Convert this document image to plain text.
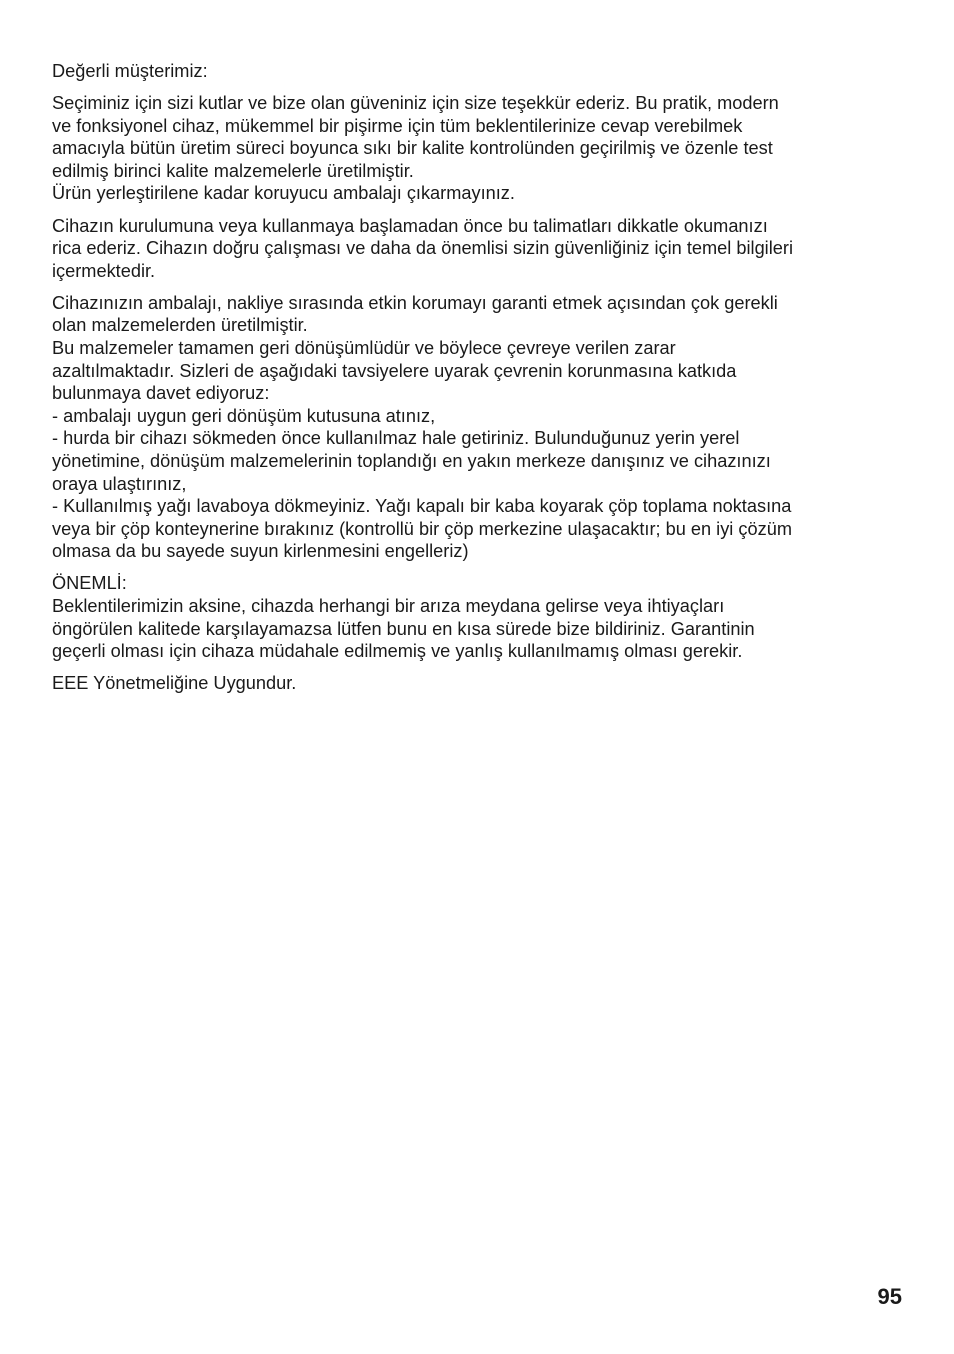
Değerli müşterimiz:
Seçiminiz için sizi kutlar ve bize olan güveniniz için size teşekkür ederiz. Bu pratik, modern
ve fonksiyonel cihaz, mükemmel bir pişirme için tüm beklentilerinize cevap verebilmek
amacıyla bütün üretim süreci boyunca sıkı bir kalite kontrolünden geçirilmiş ve özenle test
edilmiş birinci kalite malzemelerle üretilmiştir.
Ürün yerleştirilene kadar koruyucu ambalajı çıkarmayınız.
Cihazın kurulumuna veya kullanmaya başlamadan önce bu talimatları dikkatle okumanızı
rica ederiz. Cihazın doğru çalışması ve daha da önemlisi sizin güvenliğiniz için temel bilgileri
içermektedir.
Cihazınızın ambalajı, nakliye sırasında etkin korumayı garanti etmek açısından çok gerekli
olan malzemelerden üretilmiştir.
Bu malzemeler tamamen geri dönüşümlüdür ve böylece çevreye verilen zarar
azaltılmaktadır. Sizleri de aşağıdaki tavsiyelere uyarak çevrenin korunmasına katkıda
bulunmaya davet ediyoruz:
- ambalajı uygun geri dönüşüm kutusuna atınız,
- hurda bir cihazı sökmeden önce kullanılmaz hale getiriniz. Bulunduğunuz yerin yerel
yönetimine, dönüşüm malzemelerinin toplandığı en yakın merkeze danışınız ve cihazınızı
oraya ulaştırınız,
- Kullanılmış yağı lavaboya dökmeyiniz. Yağı kapalı bir kaba koyarak çöp toplama noktasına
veya bir çöp konteynerine bırakınız (kontrollü bir çöp merkezine ulaşacaktır; bu en iyi çözüm
olmasa da bu sayede suyun kirlenmesini engelleriz)
ÖNEMLİ:
Beklentilerimizin aksine, cihazda herhangi bir arıza meydana gelirse veya ihtiyaçları
öngörülen kalitede karşılayamazsa lütfen bunu en kısa sürede bize bildiriniz. Garantinin
geçerli olması için cihaza müdahale edilmemiş ve yanlış kullanılmamış olması gerekir.
EEE Yönetmeliğine Uygundur.
95
